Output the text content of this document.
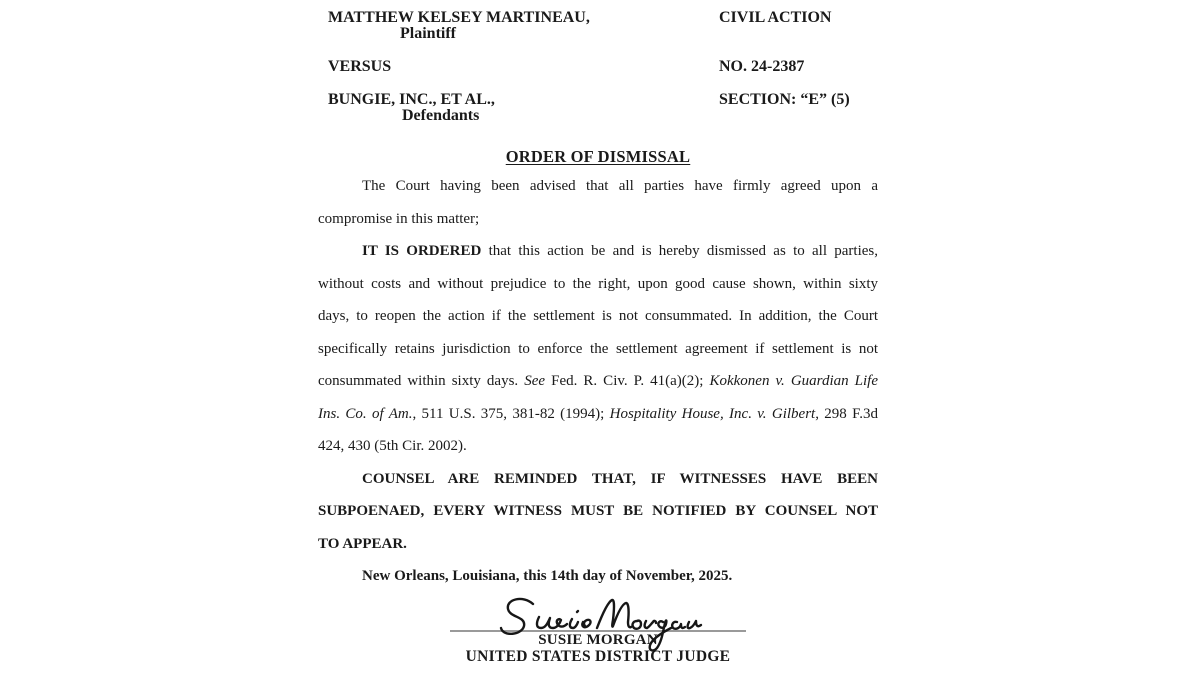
MATTHEW KELSEY MARTINEAU,
Plaintiff
VERSUS
BUNGIE, INC., ET AL.,
Defendants
CIVIL ACTION
NO. 24-2387
SECTION: “E” (5)
ORDER OF DISMISSAL
The Court having been advised that all parties have firmly agreed upon a
compromise in this matter;
IT IS ORDERED that this action be and is hereby dismissed as to all parties,
without costs and without prejudice to the right, upon good cause shown, within sixty
days, to reopen the action if the settlement is not consummated. In addition, the Court
specifically retains jurisdiction to enforce the settlement agreement if settlement is not
consummated within sixty days. See Fed. R. Civ. P. 41(a)(2); Kokkonen v. Guardian Life
Ins. Co. of Am., 511 U.S. 375, 381-82 (1994); Hospitality House, Inc. v. Gilbert, 298 F.3d
424, 430 (5th Cir. 2002).
COUNSEL ARE REMINDED THAT, IF WITNESSES HAVE BEEN
SUBPOENAED, EVERY WITNESS MUST BE NOTIFIED BY COUNSEL NOT
TO APPEAR.
New Orleans, Louisiana, this 14th day of November, 2025.
SUSIE MORGAN
UNITED STATES DISTRICT JUDGE
